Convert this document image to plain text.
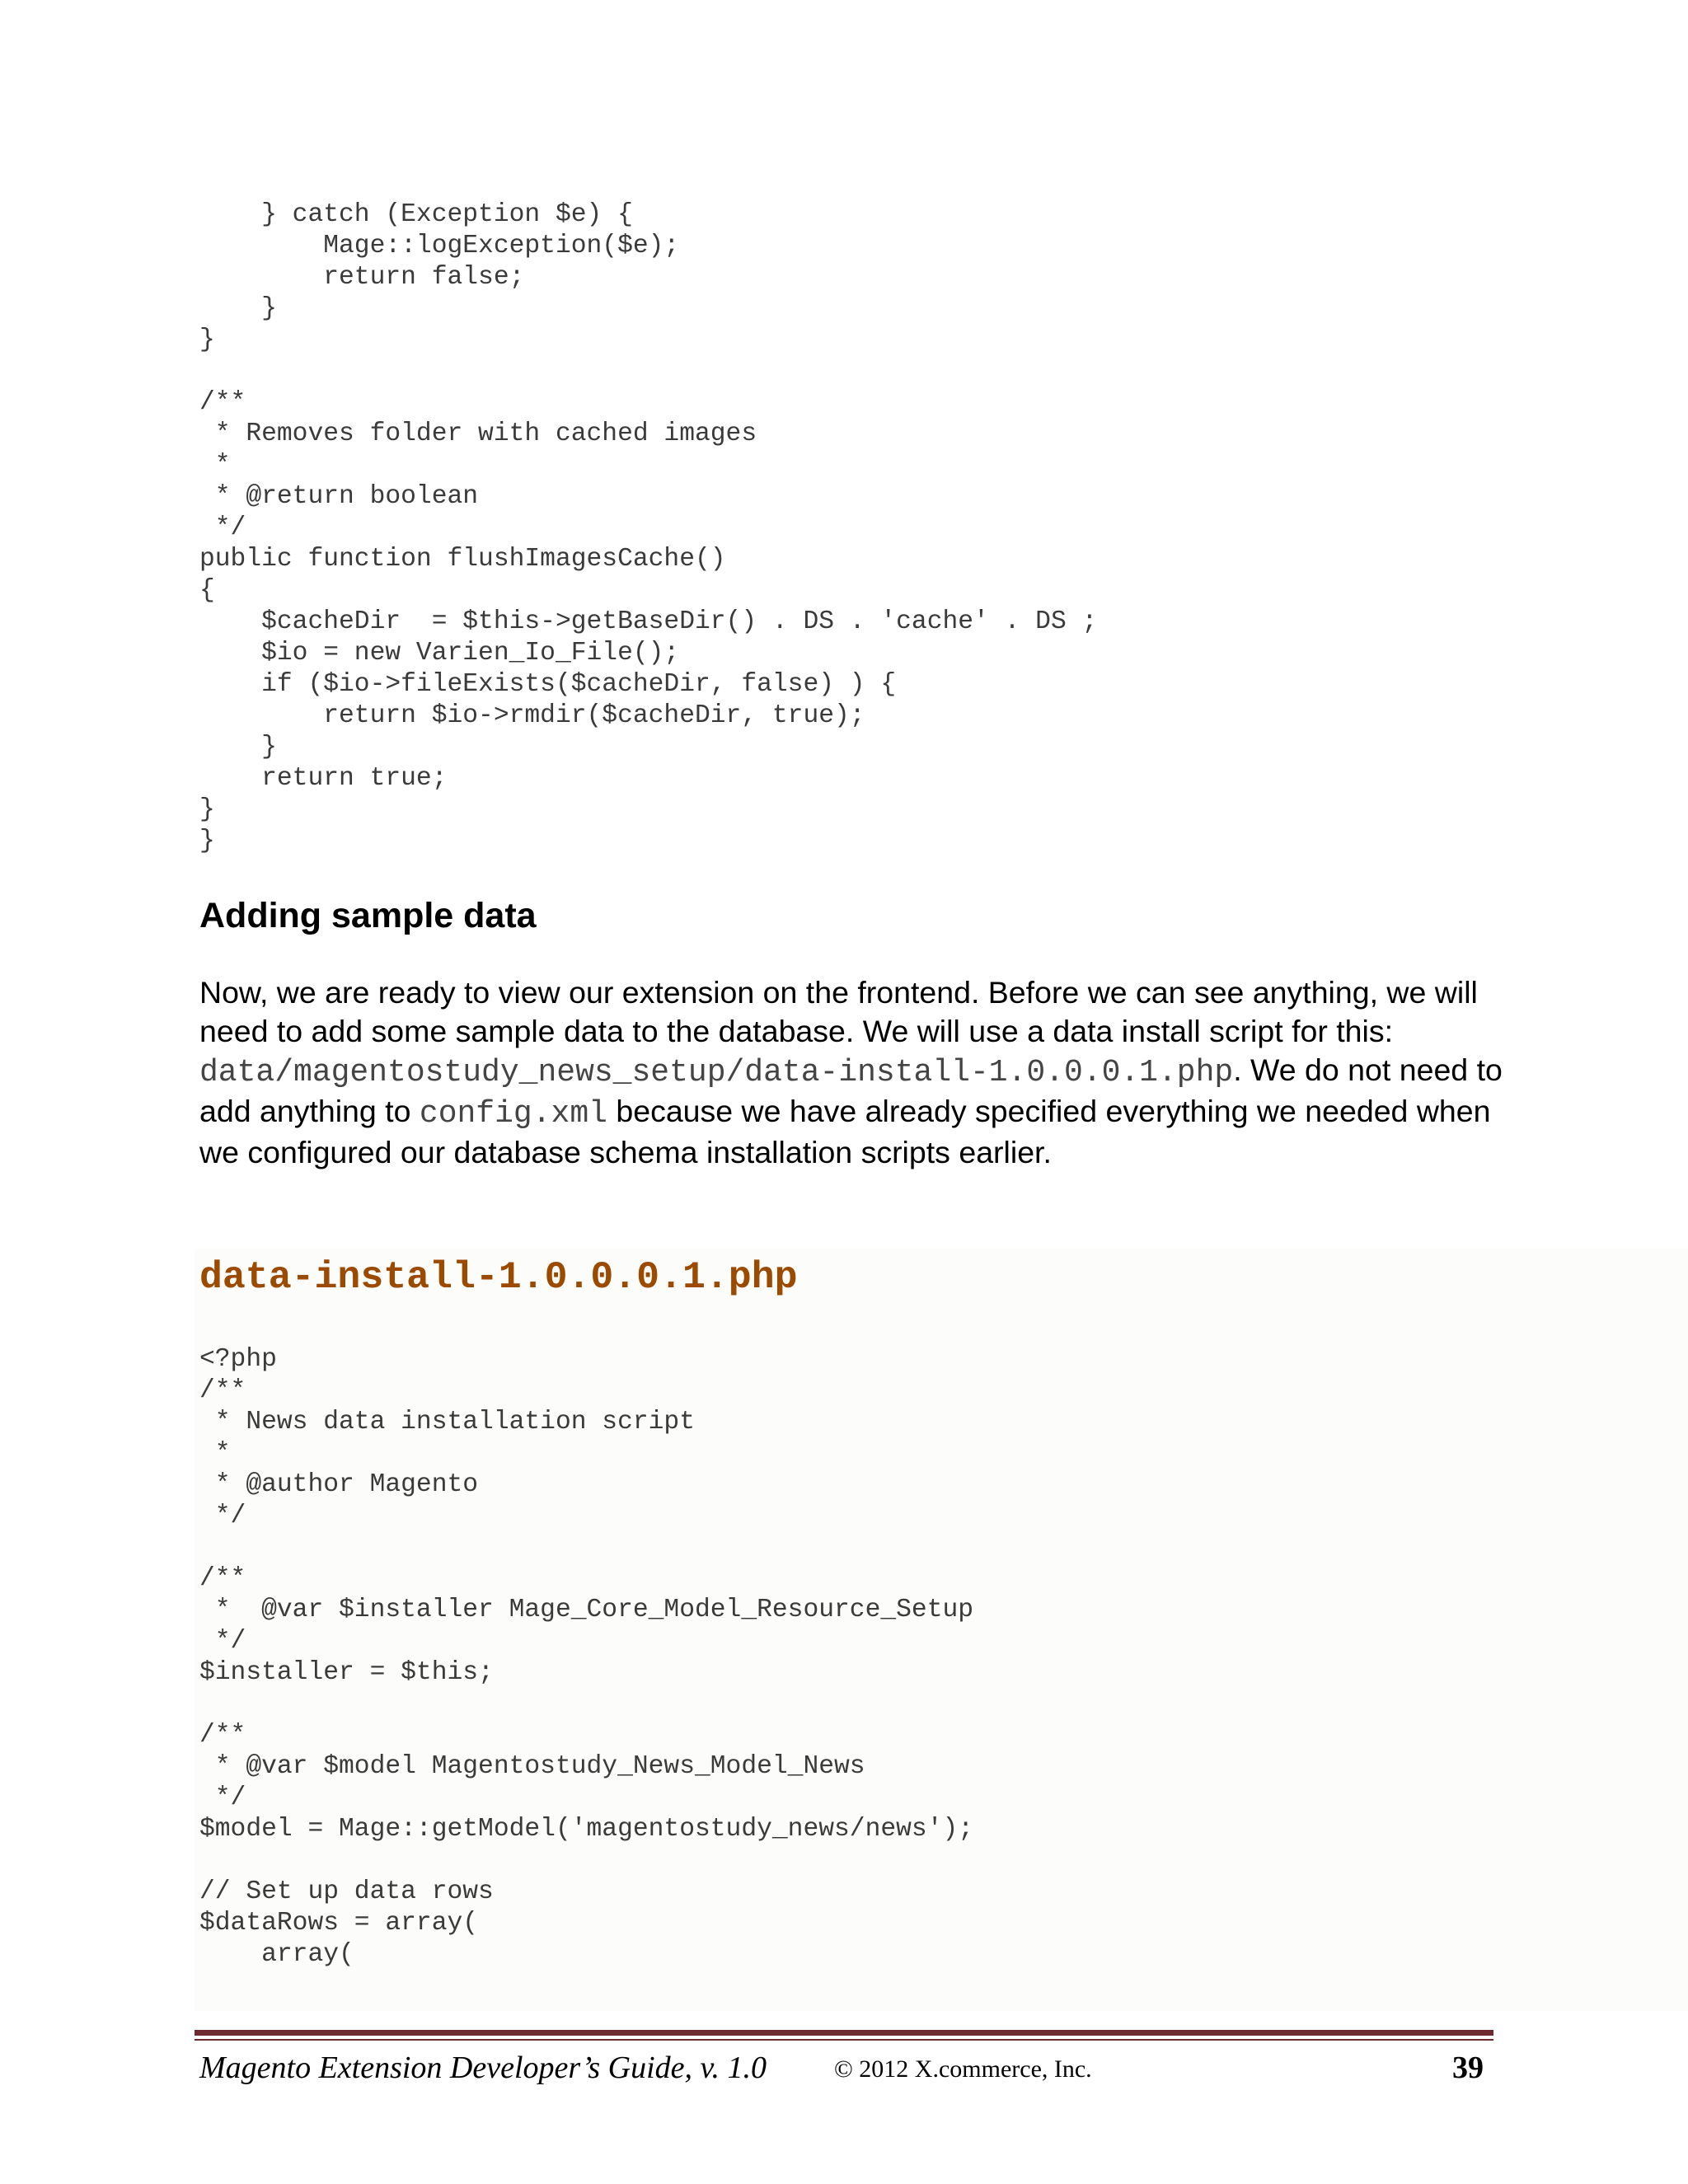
} catch (Exception $e) {
Mage::logException($e);
return false;
}
}

/**
* Removes folder with cached images
*
* @return boolean
*/
public function flushImagesCache()
{
$cacheDir  = $this->getBaseDir() . DS . 'cache' . DS ;
$io = new Varien_Io_File();
if ($io->fileExists($cacheDir, false) ) {
return $io->rmdir($cacheDir, true);
}
return true;
}
}
Adding sample data

Now, we are ready to view our extension on the frontend. Before we can see anything, we will need to add some sample data to the database. We will use a data install script for this: data/magentostudy_news_setup/data-install-1.0.0.0.1.php. We do not need to add anything to config.xml because we have already specified everything we needed when we configured our database schema installation scripts earlier.

data-install-1.0.0.0.1.php
<?php
/**
* News data installation script
*
* @author Magento
*/

/**
*  @var $installer Mage_Core_Model_Resource_Setup
*/
$installer = $this;

/**
* @var $model Magentostudy_News_Model_News
*/
$model = Mage::getModel('magentostudy_news/news');

// Set up data rows
$dataRows = array(
array(
Magento Extension Developer’s Guide, v. 1.0	© 2012 X.commerce, Inc.	39
